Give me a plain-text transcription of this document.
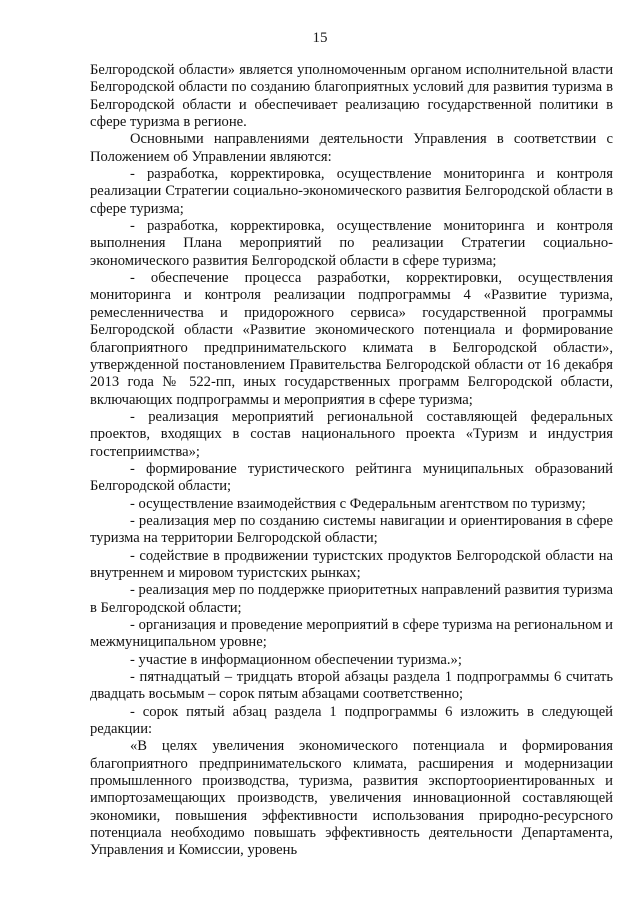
15

Белгородской области» является уполномоченным органом исполнительной власти Белгородской области по созданию благоприятных условий для развития туризма в Белгородской области и обеспечивает реализацию государственной политики в сфере туризма в регионе.

Основными направлениями деятельности Управления в соответствии с Положением об Управлении являются:

- разработка, корректировка, осуществление мониторинга и контроля реализации Стратегии социально-экономического развития Белгородской области в сфере туризма;

- разработка, корректировка, осуществление мониторинга и контроля выполнения Плана мероприятий по реализации Стратегии социально-экономического развития Белгородской области в сфере туризма;

- обеспечение процесса разработки, корректировки, осуществления мониторинга и контроля реализации подпрограммы 4 «Развитие туризма, ремесленничества и придорожного сервиса» государственной программы Белгородской области «Развитие экономического потенциала и формирование благоприятного предпринимательского климата в Белгородской области», утвержденной постановлением Правительства Белгородской области от 16 декабря 2013 года № 522-пп, иных государственных программ Белгородской области, включающих подпрограммы и мероприятия в сфере туризма;

- реализация мероприятий региональной составляющей федеральных проектов, входящих в состав национального проекта «Туризм и индустрия гостеприимства»;

- формирование туристического рейтинга муниципальных образований Белгородской области;

- осуществление взаимодействия с Федеральным агентством по туризму;

- реализация мер по созданию системы навигации и ориентирования в сфере туризма на территории Белгородской области;

- содействие в продвижении туристских продуктов Белгородской области на внутреннем и мировом туристских рынках;

- реализация мер по поддержке приоритетных направлений развития туризма в Белгородской области;

- организация и проведение мероприятий в сфере туризма на региональном и межмуниципальном уровне;

- участие в информационном обеспечении туризма.»;

- пятнадцатый – тридцать второй абзацы раздела 1 подпрограммы 6 считать двадцать восьмым – сорок пятым абзацами соответственно;

- сорок пятый абзац раздела 1 подпрограммы 6 изложить в следующей редакции:

«В целях увеличения экономического потенциала и формирования благоприятного предпринимательского климата, расширения и модернизации промышленного производства, туризма, развития экспортоориентированных и импортозамещающих производств, увеличения инновационной составляющей экономики, повышения эффективности использования природно-ресурсного потенциала необходимо повышать эффективность деятельности Департамента, Управления и Комиссии, уровень
